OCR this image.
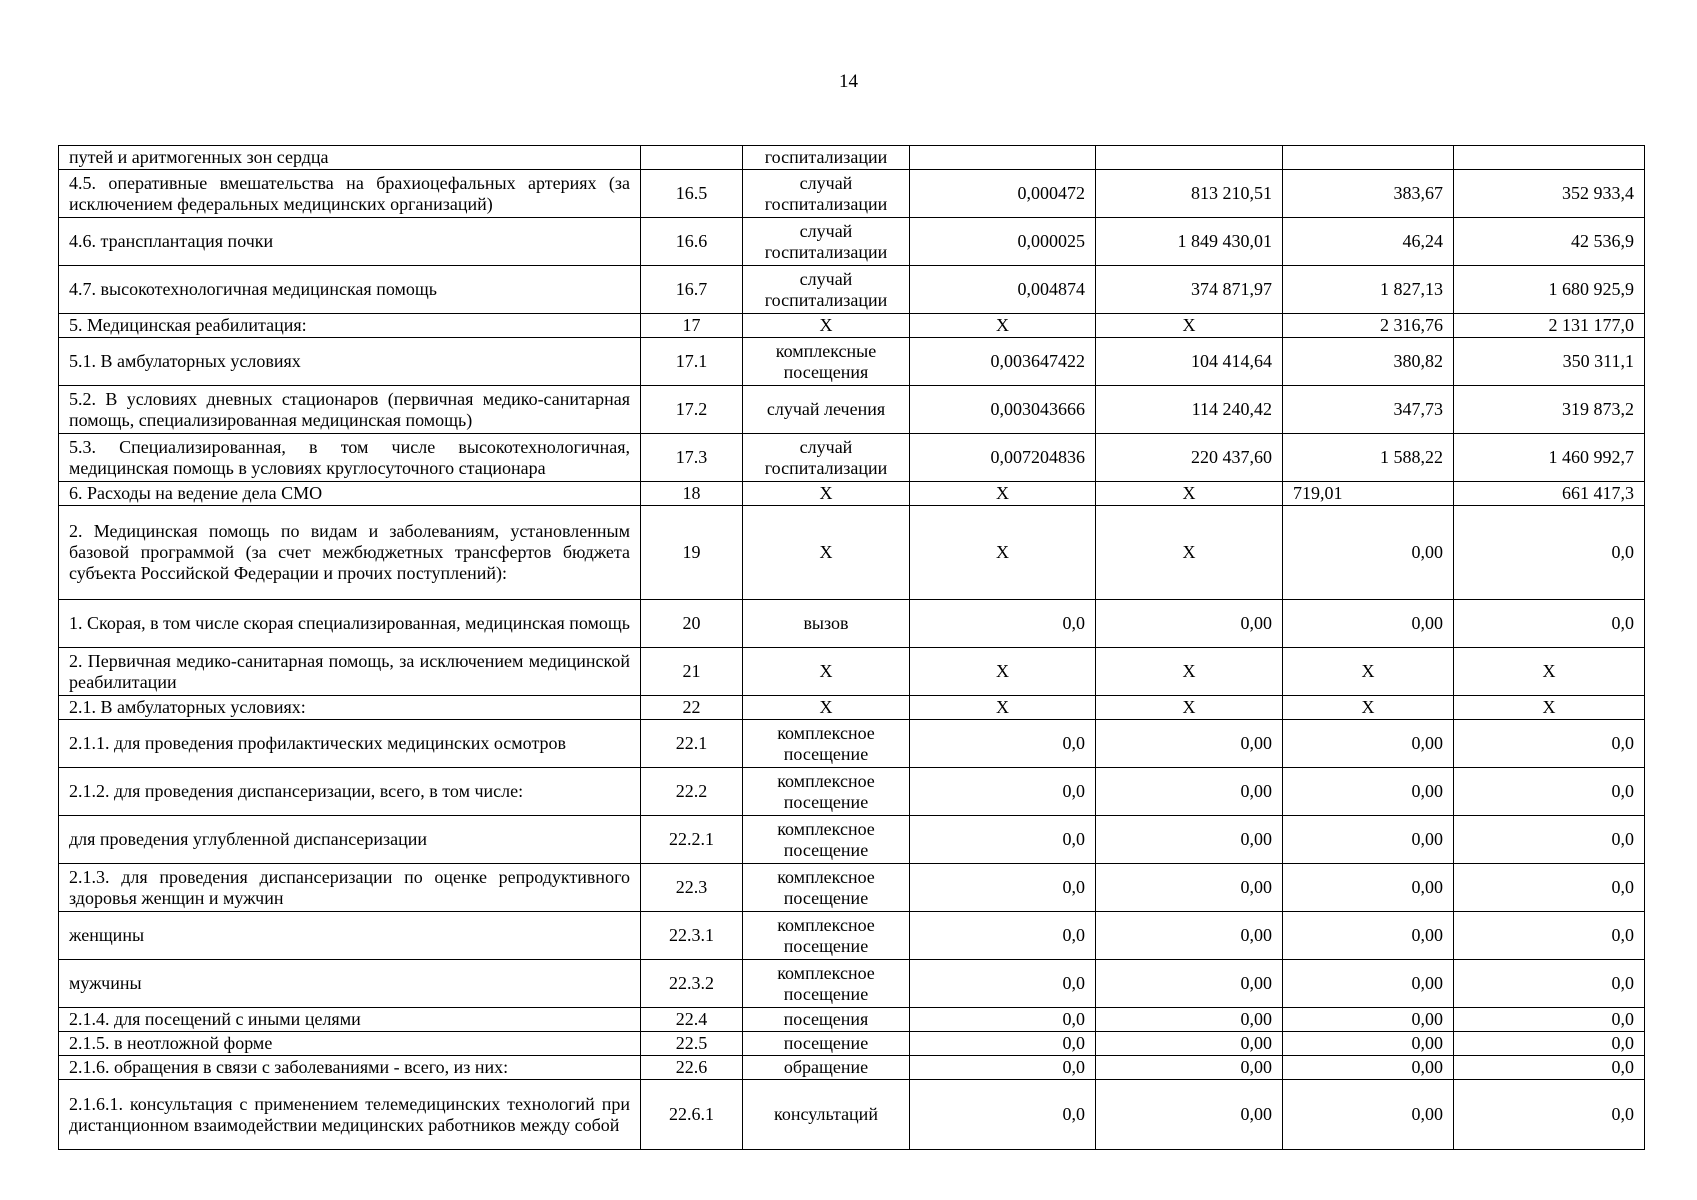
14
путей и аритмогенных зон сердца		госпитализации				
4.5. оперативные вмешательства на брахиоцефальных артериях (за исключением федеральных медицинских организаций)	16.5	случай госпитализации	0,000472	813 210,51	383,67	352 933,4
4.6. трансплантация почки	16.6	случай госпитализации	0,000025	1 849 430,01	46,24	42 536,9
4.7. высокотехнологичная медицинская помощь	16.7	случай госпитализации	0,004874	374 871,97	1 827,13	1 680 925,9
5. Медицинская реабилитация:	17	Х	Х	Х	2 316,76	2 131 177,0
5.1. В амбулаторных условиях	17.1	комплексные посещения	0,003647422	104 414,64	380,82	350 311,1
5.2. В условиях дневных стационаров (первичная медико-санитарная помощь, специализированная медицинская помощь)	17.2	случай лечения	0,003043666	114 240,42	347,73	319 873,2
5.3. Специализированная, в том числе высокотехнологичная, медицинская помощь в условиях круглосуточного стационара	17.3	случай госпитализации	0,007204836	220 437,60	1 588,22	1 460 992,7
6. Расходы на ведение дела СМО	18	Х	Х	Х	719,01	661 417,3
2. Медицинская помощь по видам и заболеваниям, установленным базовой программой (за счет межбюджетных трансфертов бюджета субъекта Российской Федерации и прочих поступлений):	19	Х	Х	Х	0,00	0,0
1. Скорая, в том числе скорая специализированная, медицинская помощь	20	вызов	0,0	0,00	0,00	0,0
2. Первичная медико-санитарная помощь, за исключением медицинской реабилитации	21	Х	Х	Х	Х	Х
2.1. В амбулаторных условиях:	22	Х	Х	Х	Х	Х
2.1.1. для проведения профилактических медицинских осмотров	22.1	комплексное посещение	0,0	0,00	0,00	0,0
2.1.2. для проведения диспансеризации, всего, в том числе:	22.2	комплексное посещение	0,0	0,00	0,00	0,0
для проведения углубленной диспансеризации	22.2.1	комплексное посещение	0,0	0,00	0,00	0,0
2.1.3. для проведения диспансеризации по оценке репродуктивного здоровья женщин и мужчин	22.3	комплексное посещение	0,0	0,00	0,00	0,0
женщины	22.3.1	комплексное посещение	0,0	0,00	0,00	0,0
мужчины	22.3.2	комплексное посещение	0,0	0,00	0,00	0,0
2.1.4. для посещений с иными целями	22.4	посещения	0,0	0,00	0,00	0,0
2.1.5. в неотложной форме	22.5	посещение	0,0	0,00	0,00	0,0
2.1.6. обращения в связи с заболеваниями - всего, из них:	22.6	обращение	0,0	0,00	0,00	0,0
2.1.6.1. консультация с применением телемедицинских технологий при дистанционном взаимодействии медицинских работников между собой	22.6.1	консультаций	0,0	0,00	0,00	0,0
